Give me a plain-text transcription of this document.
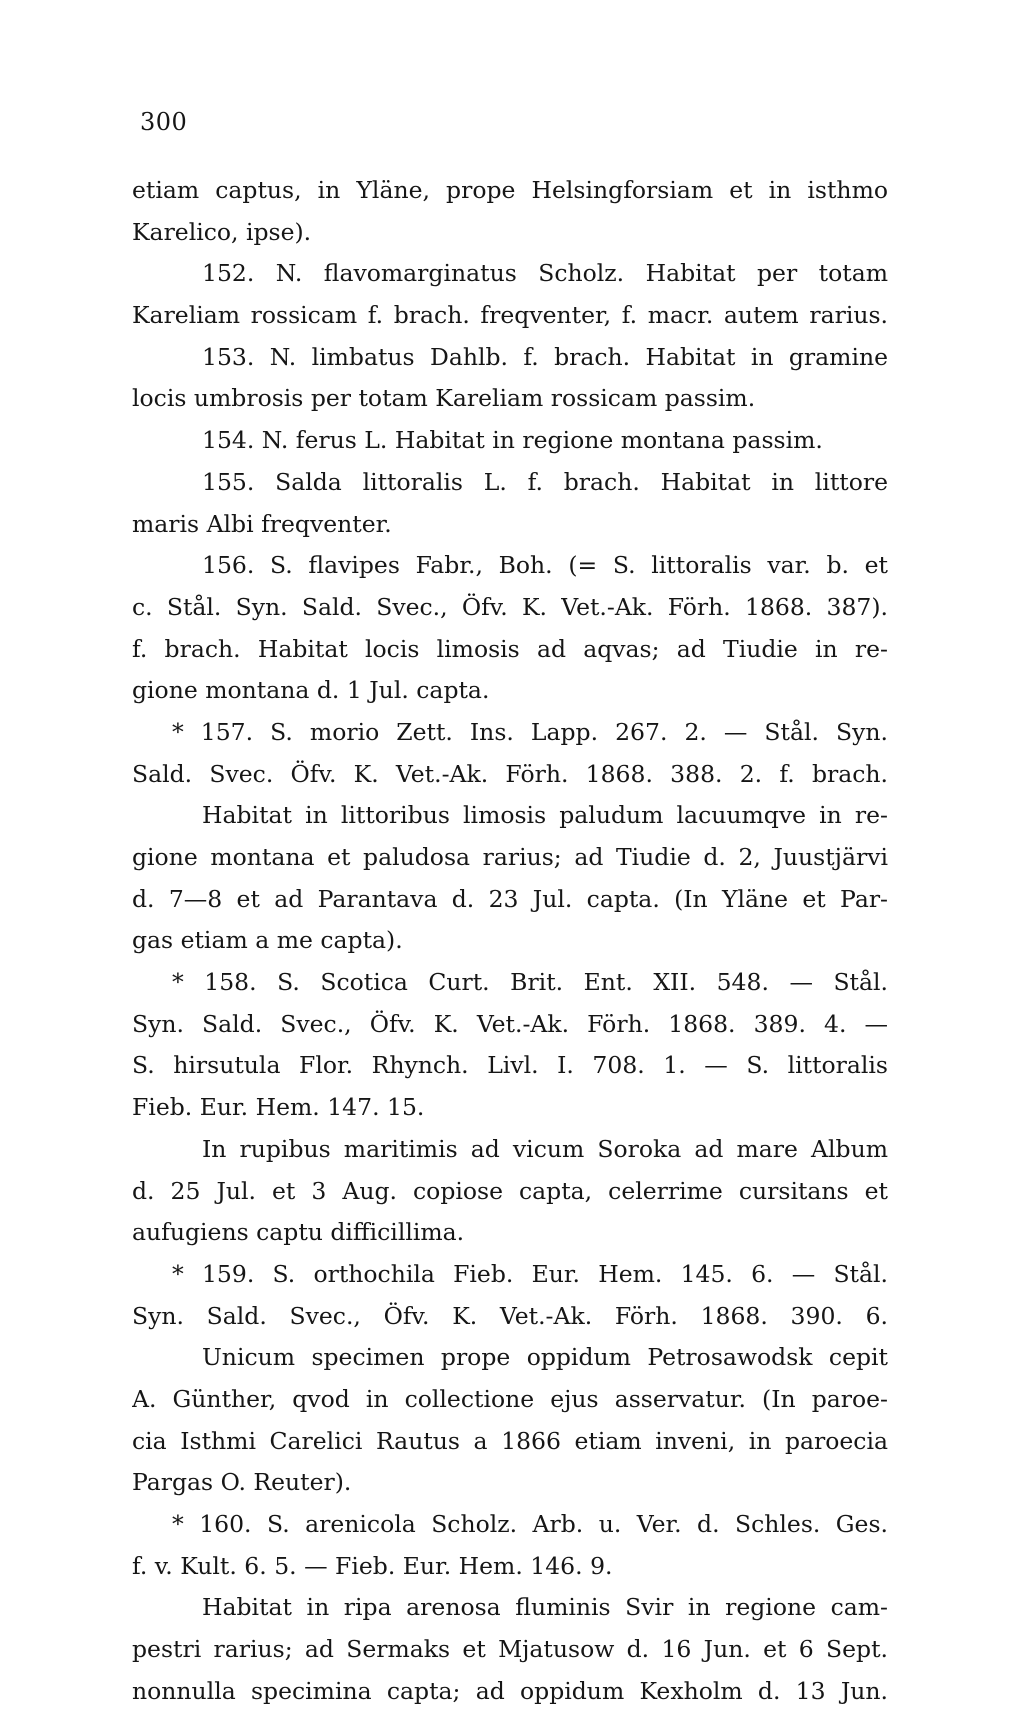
300
etiam captus, in Yläne, prope Helsingforsiam et in isthmo
Karelico, ipse).
152. N. flavomarginatus Scholz. Habitat per totam
Kareliam rossicam f. brach. freqventer, f. macr. autem rarius.
153. N. limbatus Dahlb. f. brach. Habitat in gramine
locis umbrosis per totam Kareliam rossicam passim.
154. N. ferus L. Habitat in regione montana passim.
155. Salda littoralis L. f. brach. Habitat in littore
maris Albi freqventer.
156. S. flavipes Fabr., Boh. (= S. littoralis var. b. et
c. Stål. Syn. Sald. Svec., Öfv. K. Vet.-Ak. Förh. 1868. 387).
f. brach. Habitat locis limosis ad aqvas; ad Tiudie in re-
gione montana d. 1 Jul. capta.
* 157. S. morio Zett. Ins. Lapp. 267. 2. — Stål. Syn.
Sald. Svec. Öfv. K. Vet.-Ak. Förh. 1868. 388. 2. f. brach.
Habitat in littoribus limosis paludum lacuumqve in re-
gione montana et paludosa rarius; ad Tiudie d. 2, Juustjärvi
d. 7—8 et ad Parantava d. 23 Jul. capta. (In Yläne et Par-
gas etiam a me capta).
* 158. S. Scotica Curt. Brit. Ent. XII. 548. — Stål.
Syn. Sald. Svec., Öfv. K. Vet.-Ak. Förh. 1868. 389. 4. —
S. hirsutula Flor. Rhynch. Livl. I. 708. 1. — S. littoralis
Fieb. Eur. Hem. 147. 15.
In rupibus maritimis ad vicum Soroka ad mare Album
d. 25 Jul. et 3 Aug. copiose capta, celerrime cursitans et
aufugiens captu difficillima.
* 159. S. orthochila Fieb. Eur. Hem. 145. 6. — Stål.
Syn. Sald. Svec., Öfv. K. Vet.-Ak. Förh. 1868. 390. 6.
Unicum specimen prope oppidum Petrosawodsk cepit
A. Günther, qvod in collectione ejus asservatur. (In paroe-
cia Isthmi Carelici Rautus a 1866 etiam inveni, in paroecia
Pargas O. Reuter).
* 160. S. arenicola Scholz. Arb. u. Ver. d. Schles. Ges.
f. v. Kult. 6. 5. — Fieb. Eur. Hem. 146. 9.
Habitat in ripa arenosa fluminis Svir in regione cam-
pestri rarius; ad Sermaks et Mjatusow d. 16 Jun. et 6 Sept.
nonnulla specimina capta; ad oppidum Kexholm d. 13 Jun.
